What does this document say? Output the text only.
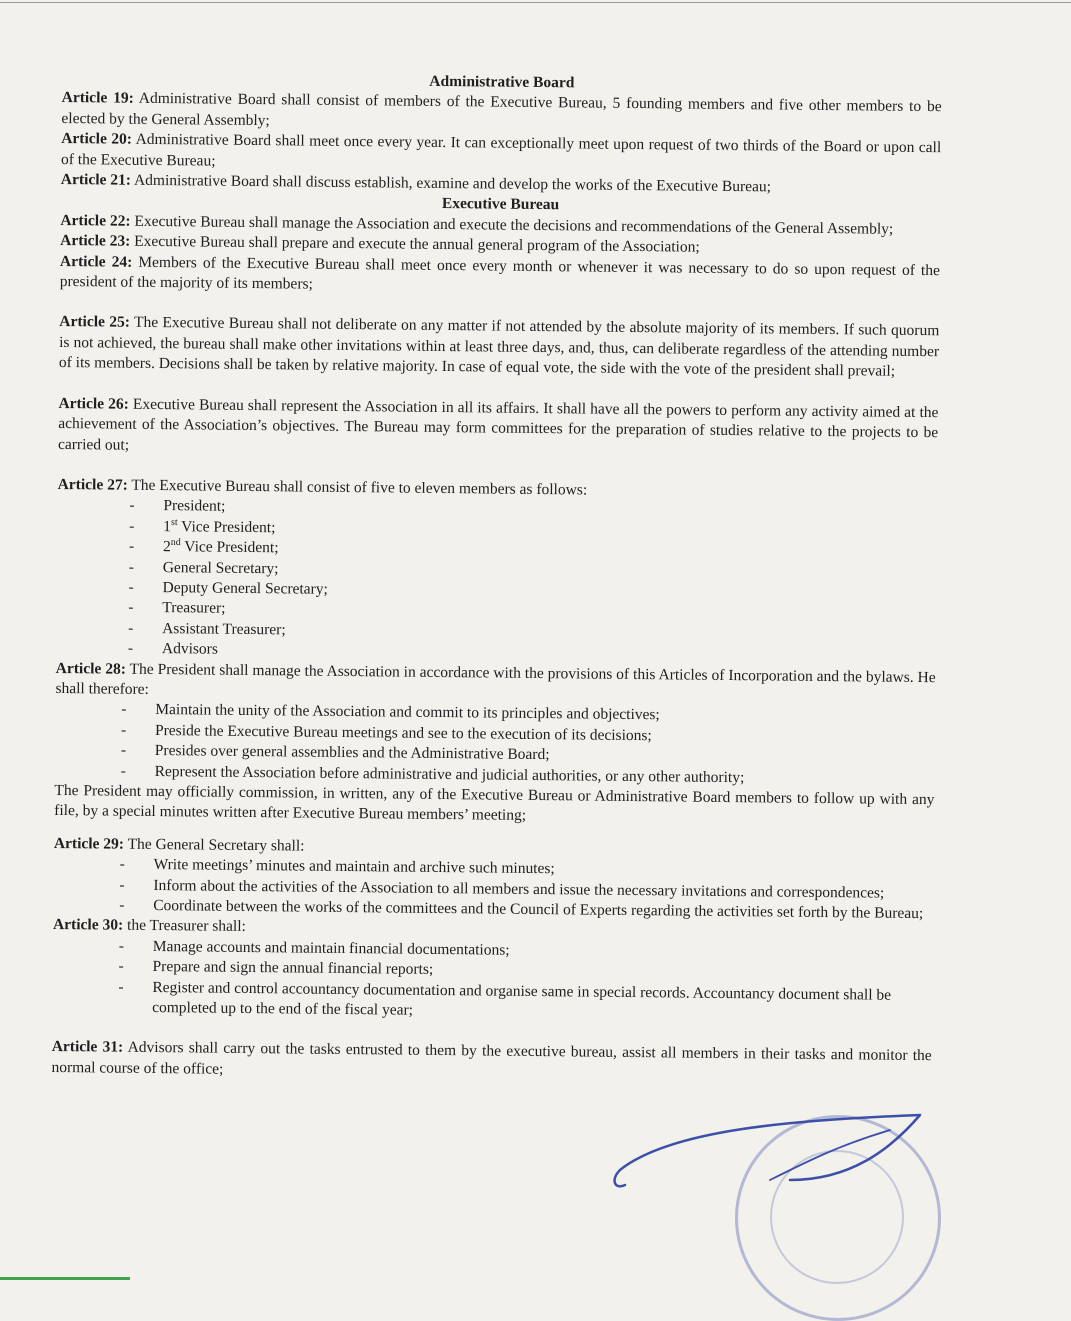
Administrative Board

Article 19: Administrative Board shall consist of members of the Executive Bureau, 5 founding members and five other members to be elected by the General Assembly;

Article 20: Administrative Board shall meet once every year. It can exceptionally meet upon request of two thirds of the Board or upon call of the Executive Bureau;

Article 21: Administrative Board shall discuss establish, examine and develop the works of the Executive Bureau;

Executive Bureau

Article 22: Executive Bureau shall manage the Association and execute the decisions and recommendations of the General Assembly;

Article 23: Executive Bureau shall prepare and execute the annual general program of the Association;

Article 24: Members of the Executive Bureau shall meet once every month or whenever it was necessary to do so upon request of the president of the majority of its members;

Article 25: The Executive Bureau shall not deliberate on any matter if not attended by the absolute majority of its members. If such quorum is not achieved, the bureau shall make other invitations within at least three days, and, thus, can deliberate regardless of the attending number of its members. Decisions shall be taken by relative majority. In case of equal vote, the side with the vote of the president shall prevail;

Article 26: Executive Bureau shall represent the Association in all its affairs. It shall have all the powers to perform any activity aimed at the achievement of the Association’s objectives. The Bureau may form committees for the preparation of studies relative to the projects to be carried out;

Article 27: The Executive Bureau shall consist of five to eleven members as follows:

- President;
- 1st Vice President;
- 2nd Vice President;
- General Secretary;
- Deputy General Secretary;
- Treasurer;
- Assistant Treasurer;
- Advisors

Article 28: The President shall manage the Association in accordance with the provisions of this Articles of Incorporation and the bylaws. He shall therefore:

- Maintain the unity of the Association and commit to its principles and objectives;
- Preside the Executive Bureau meetings and see to the execution of its decisions;
- Presides over general assemblies and the Administrative Board;
- Represent the Association before administrative and judicial authorities, or any other authority;

The President may officially commission, in written, any of the Executive Bureau or Administrative Board members to follow up with any file, by a special minutes written after Executive Bureau members’ meeting;

Article 29: The General Secretary shall:

- Write meetings’ minutes and maintain and archive such minutes;
- Inform about the activities of the Association to all members and issue the necessary invitations and correspondences;
- Coordinate between the works of the committees and the Council of Experts regarding the activities set forth by the Bureau;

Article 30: the Treasurer shall:

- Manage accounts and maintain financial documentations;
- Prepare and sign the annual financial reports;
- Register and control accountancy documentation and organise same in special records. Accountancy document shall be completed up to the end of the fiscal year;

Article 31: Advisors shall carry out the tasks entrusted to them by the executive bureau, assist all members in their tasks and monitor the normal course of the office;
